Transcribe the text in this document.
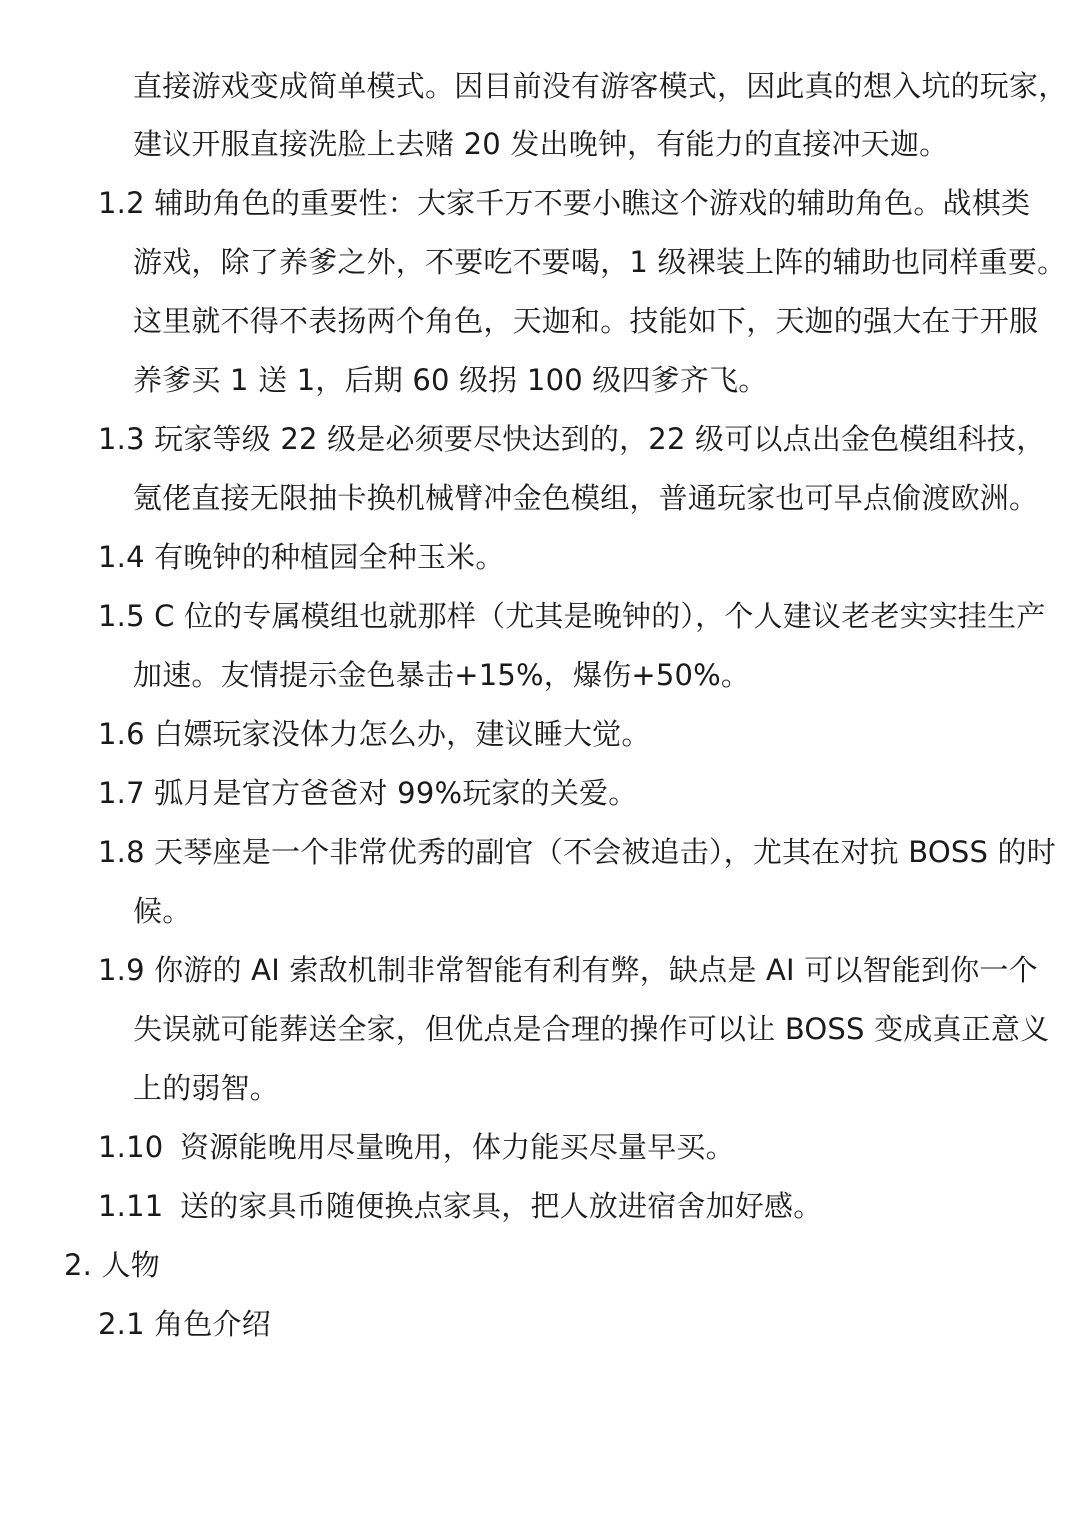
直接游戏变成简单模式。因目前没有游客模式，因此真的想入坑的玩家，
建议开服直接洗脸上去赌 20 发出晚钟，有能力的直接冲天迦。
1.2 辅助角色的重要性：大家千万不要小瞧这个游戏的辅助角色。战棋类
游戏，除了养爹之外，不要吃不要喝，1 级裸装上阵的辅助也同样重要。
这里就不得不表扬两个角色，天迦和。技能如下，天迦的强大在于开服
养爹买 1 送 1，后期 60 级拐 100 级四爹齐飞。
1.3 玩家等级 22 级是必须要尽快达到的，22 级可以点出金色模组科技，
氪佬直接无限抽卡换机械臂冲金色模组，普通玩家也可早点偷渡欧洲。
1.4 有晚钟的种植园全种玉米。
1.5 C 位的专属模组也就那样（尤其是晚钟的），个人建议老老实实挂生产
加速。友情提示金色暴击+15%，爆伤+50%。
1.6 白嫖玩家没体力怎么办，建议睡大觉。
1.7 弧月是官方爸爸对 99%玩家的关爱。
1.8 天琴座是一个非常优秀的副官（不会被追击），尤其在对抗 BOSS 的时
候。
1.9 你游的 AI 索敌机制非常智能有利有弊，缺点是 AI 可以智能到你一个
失误就可能葬送全家，但优点是合理的操作可以让 BOSS 变成真正意义
上的弱智。
1.10 资源能晚用尽量晚用，体力能买尽量早买。
1.11 送的家具币随便换点家具，把人放进宿舍加好感。
2. 人物
2.1 角色介绍
